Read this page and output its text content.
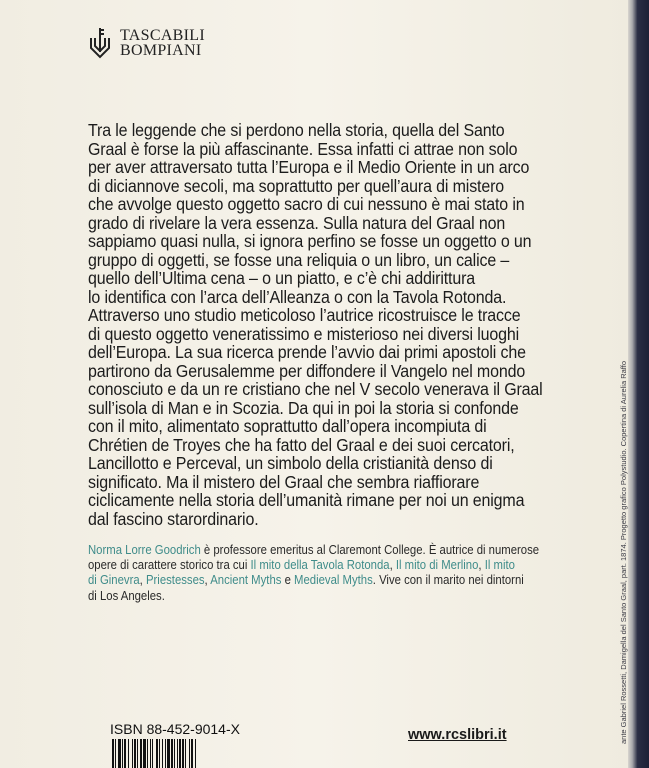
ante Gabriel Rossetti, Damigella del Santo Graal, part. 1874. Progetto grafico Polystudio. Copertina di Aurelia Raffo
TASCABILI
BOMPIANI
Tra le leggende che si perdono nella storia, quella del Santo
Graal è forse la più affascinante. Essa infatti ci attrae non solo
per aver attraversato tutta l’Europa e il Medio Oriente in un arco
di diciannove secoli, ma soprattutto per quell’aura di mistero
che avvolge questo oggetto sacro di cui nessuno è mai stato in
grado di rivelare la vera essenza. Sulla natura del Graal non
sappiamo quasi nulla, si ignora perfino se fosse un oggetto o un
gruppo di oggetti, se fosse una reliquia o un libro, un calice –
quello dell’Ultima cena – o un piatto, e c’è chi addirittura
lo identifica con l’arca dell’Alleanza o con la Tavola Rotonda.
Attraverso uno studio meticoloso l’autrice ricostruisce le tracce
di questo oggetto veneratissimo e misterioso nei diversi luoghi
dell’Europa. La sua ricerca prende l’avvio dai primi apostoli che
partirono da Gerusalemme per diffondere il Vangelo nel mondo
conosciuto e da un re cristiano che nel V secolo venerava il Graal
sull’isola di Man e in Scozia. Da qui in poi la storia si confonde
con il mito, alimentato soprattutto dall’opera incompiuta di
Chrétien de Troyes che ha fatto del Graal e dei suoi cercatori,
Lancillotto e Perceval, un simbolo della cristianità denso di
significato. Ma il mistero del Graal che sembra riaffiorare
ciclicamente nella storia dell’umanità rimane per noi un enigma
dal fascino starordinario.
Norma Lorre Goodrich è professore emeritus al Claremont College. È autrice di numerose
opere di carattere storico tra cui Il mito della Tavola Rotonda, Il mito di Merlino, Il mito
di Ginevra, Priestesses, Ancient Myths e Medieval Myths. Vive con il marito nei dintorni
di Los Angeles.
ISBN 88-452-9014-X	www.rcslibri.it
